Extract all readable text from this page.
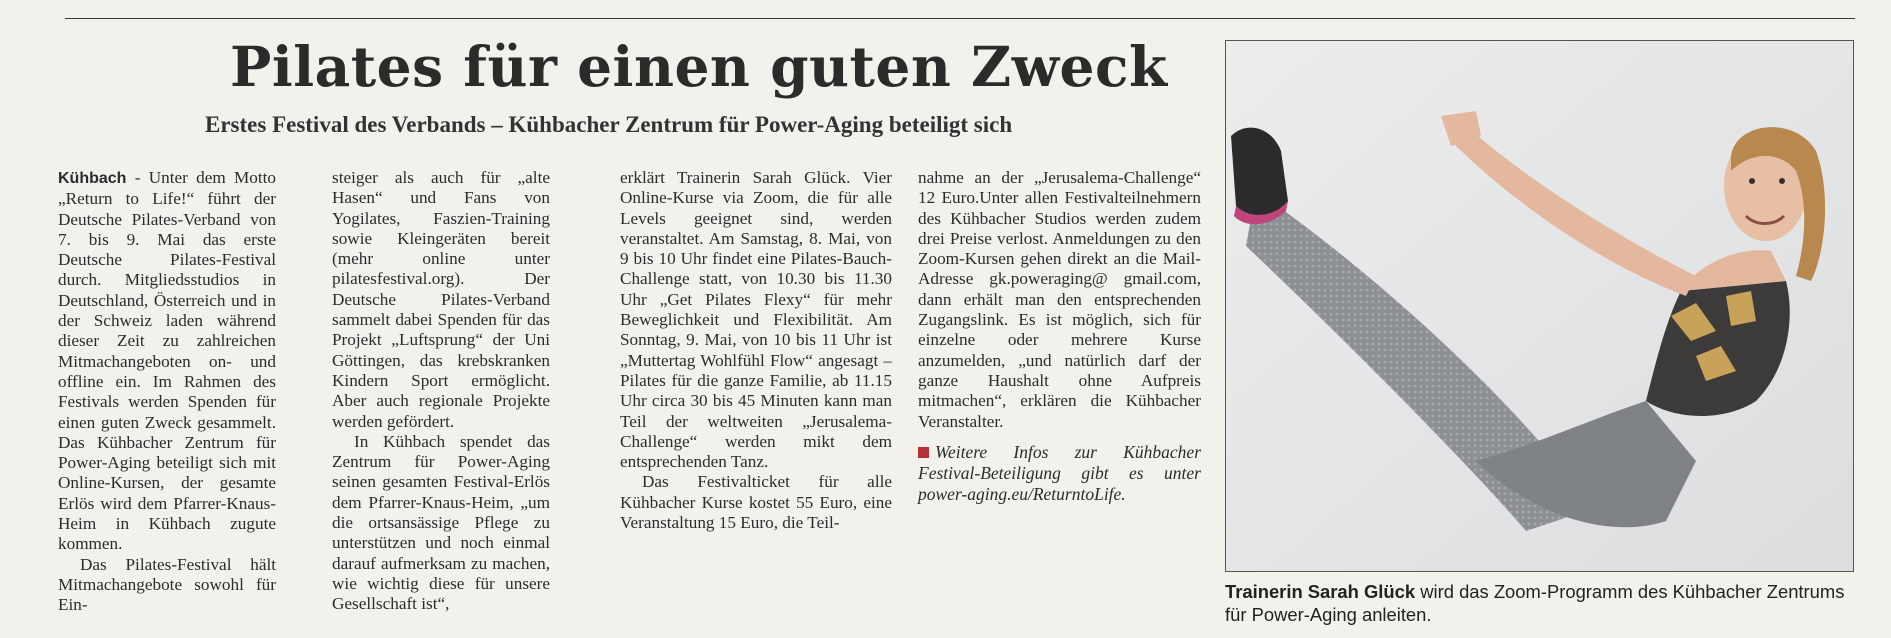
Pilates für einen guten Zweck
Erstes Festival des Verbands – Kühbacher Zentrum für Power-Aging beteiligt sich

Kühbach - Unter dem Motto „Return to Life!“ führt der Deutsche Pilates-Verband von 7. bis 9. Mai das erste Deutsche Pilates-Festival durch. Mitgliedsstudios in Deutschland, Österreich und in der Schweiz laden während dieser Zeit zu zahlreichen Mitmachangeboten on- und offline ein. Im Rahmen des Festivals werden Spenden für einen guten Zweck gesammelt. Das Kühbacher Zentrum für Power-Aging beteiligt sich mit Online-Kursen, der gesamte Erlös wird dem Pfarrer-Knaus-Heim in Kühbach zugute kommen.

Das Pilates-Festival hält Mitmachangebote sowohl für Ein-

steiger als auch für „alte Hasen“ und Fans von Yogilates, Faszien-Training sowie Kleingeräten bereit (mehr online unter pilatesfestival.org). Der Deutsche Pilates-Verband sammelt dabei Spenden für das Projekt „Luftsprung“ der Uni Göttingen, das krebskranken Kindern Sport ermöglicht. Aber auch regionale Projekte werden gefördert.

In Kühbach spendet das Zentrum für Power-Aging seinen gesamten Festival-Erlös dem Pfarrer-Knaus-Heim, „um die ortsansässige Pflege zu unterstützen und noch einmal darauf aufmerksam zu machen, wie wichtig diese für unsere Gesellschaft ist“,

erklärt Trainerin Sarah Glück. Vier Online-Kurse via Zoom, die für alle Levels geeignet sind, werden veranstaltet. Am Samstag, 8. Mai, von 9 bis 10 Uhr findet eine Pilates-Bauch-Challenge statt, von 10.30 bis 11.30 Uhr „Get Pilates Flexy“ für mehr Beweglichkeit und Flexibilität. Am Sonntag, 9. Mai, von 10 bis 11 Uhr ist „Muttertag Wohlfühl Flow“ angesagt – Pilates für die ganze Familie, ab 11.15 Uhr circa 30 bis 45 Minuten kann man Teil der weltweiten „Jerusalema-Challenge“ werden mikt dem entsprechenden Tanz.

Das Festivalticket für alle Kühbacher Kurse kostet 55 Euro, eine Veranstaltung 15 Euro, die Teil-

nahme an der „Jerusalema-Challenge“ 12 Euro.Unter allen Festivalteilnehmern des Kühbacher Studios werden zudem drei Preise verlost. Anmeldungen zu den Zoom-Kursen gehen direkt an die Mail-Adresse gk.poweraging@ gmail.com, dann erhält man den entsprechenden Zugangslink. Es ist möglich, sich für einzelne oder mehrere Kurse anzumelden, „und natürlich darf der ganze Haushalt ohne Aufpreis mitmachen“, erklären die Kühbacher Veranstalter.

Weitere Infos zur Kühbacher Festival-Beteiligung gibt es unter power-aging.eu/ReturntoLife.
Trainerin Sarah Glück wird das Zoom-Programm des Kühbacher Zentrums für Power-Aging anleiten.
